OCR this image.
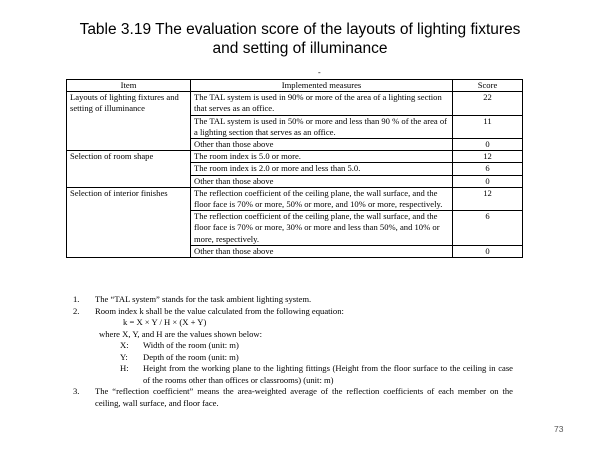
Table 3.19 The evaluation score of the layouts of lighting fixtures
and setting of illuminance
-
Item	Implemented measures	Score
Layouts of lighting fixtures and setting of illuminance	The TAL system is used in 90% or more of the area of a lighting section that serves as an office.	22
	The TAL system is used in 50% or more and less than 90 % of the area of a lighting section that serves as an office.	11
	Other than those above	0
Selection of room shape	The room index is 5.0 or more.	12
	The room index is 2.0 or more and less than 5.0.	6
	Other than those above	0
Selection of interior finishes	The reflection coefficient of the ceiling plane, the wall surface, and the floor face is 70% or more, 50% or more, and 10% or more, respectively.	12
	The reflection coefficient of the ceiling plane, the wall surface, and the floor face is 70% or more, 30% or more and less than 50%, and 10% or more, respectively.	6
	Other than those above	0
1. The “TAL system” stands for the task ambient lighting system.
2. Room index k shall be the value calculated from the following equation:
k = X × Y / H × (X + Y)
where X, Y, and H are the values shown below:
X: Width of the room (unit: m)
Y: Depth of the room (unit: m)
H: Height from the working plane to the lighting fittings (Height from the floor surface to the ceiling in case of the rooms other than offices or classrooms) (unit: m)
3. The “reflection coefficient” means the area-weighted average of the reflection coefficients of each member on the ceiling, wall surface, and floor face.
73
